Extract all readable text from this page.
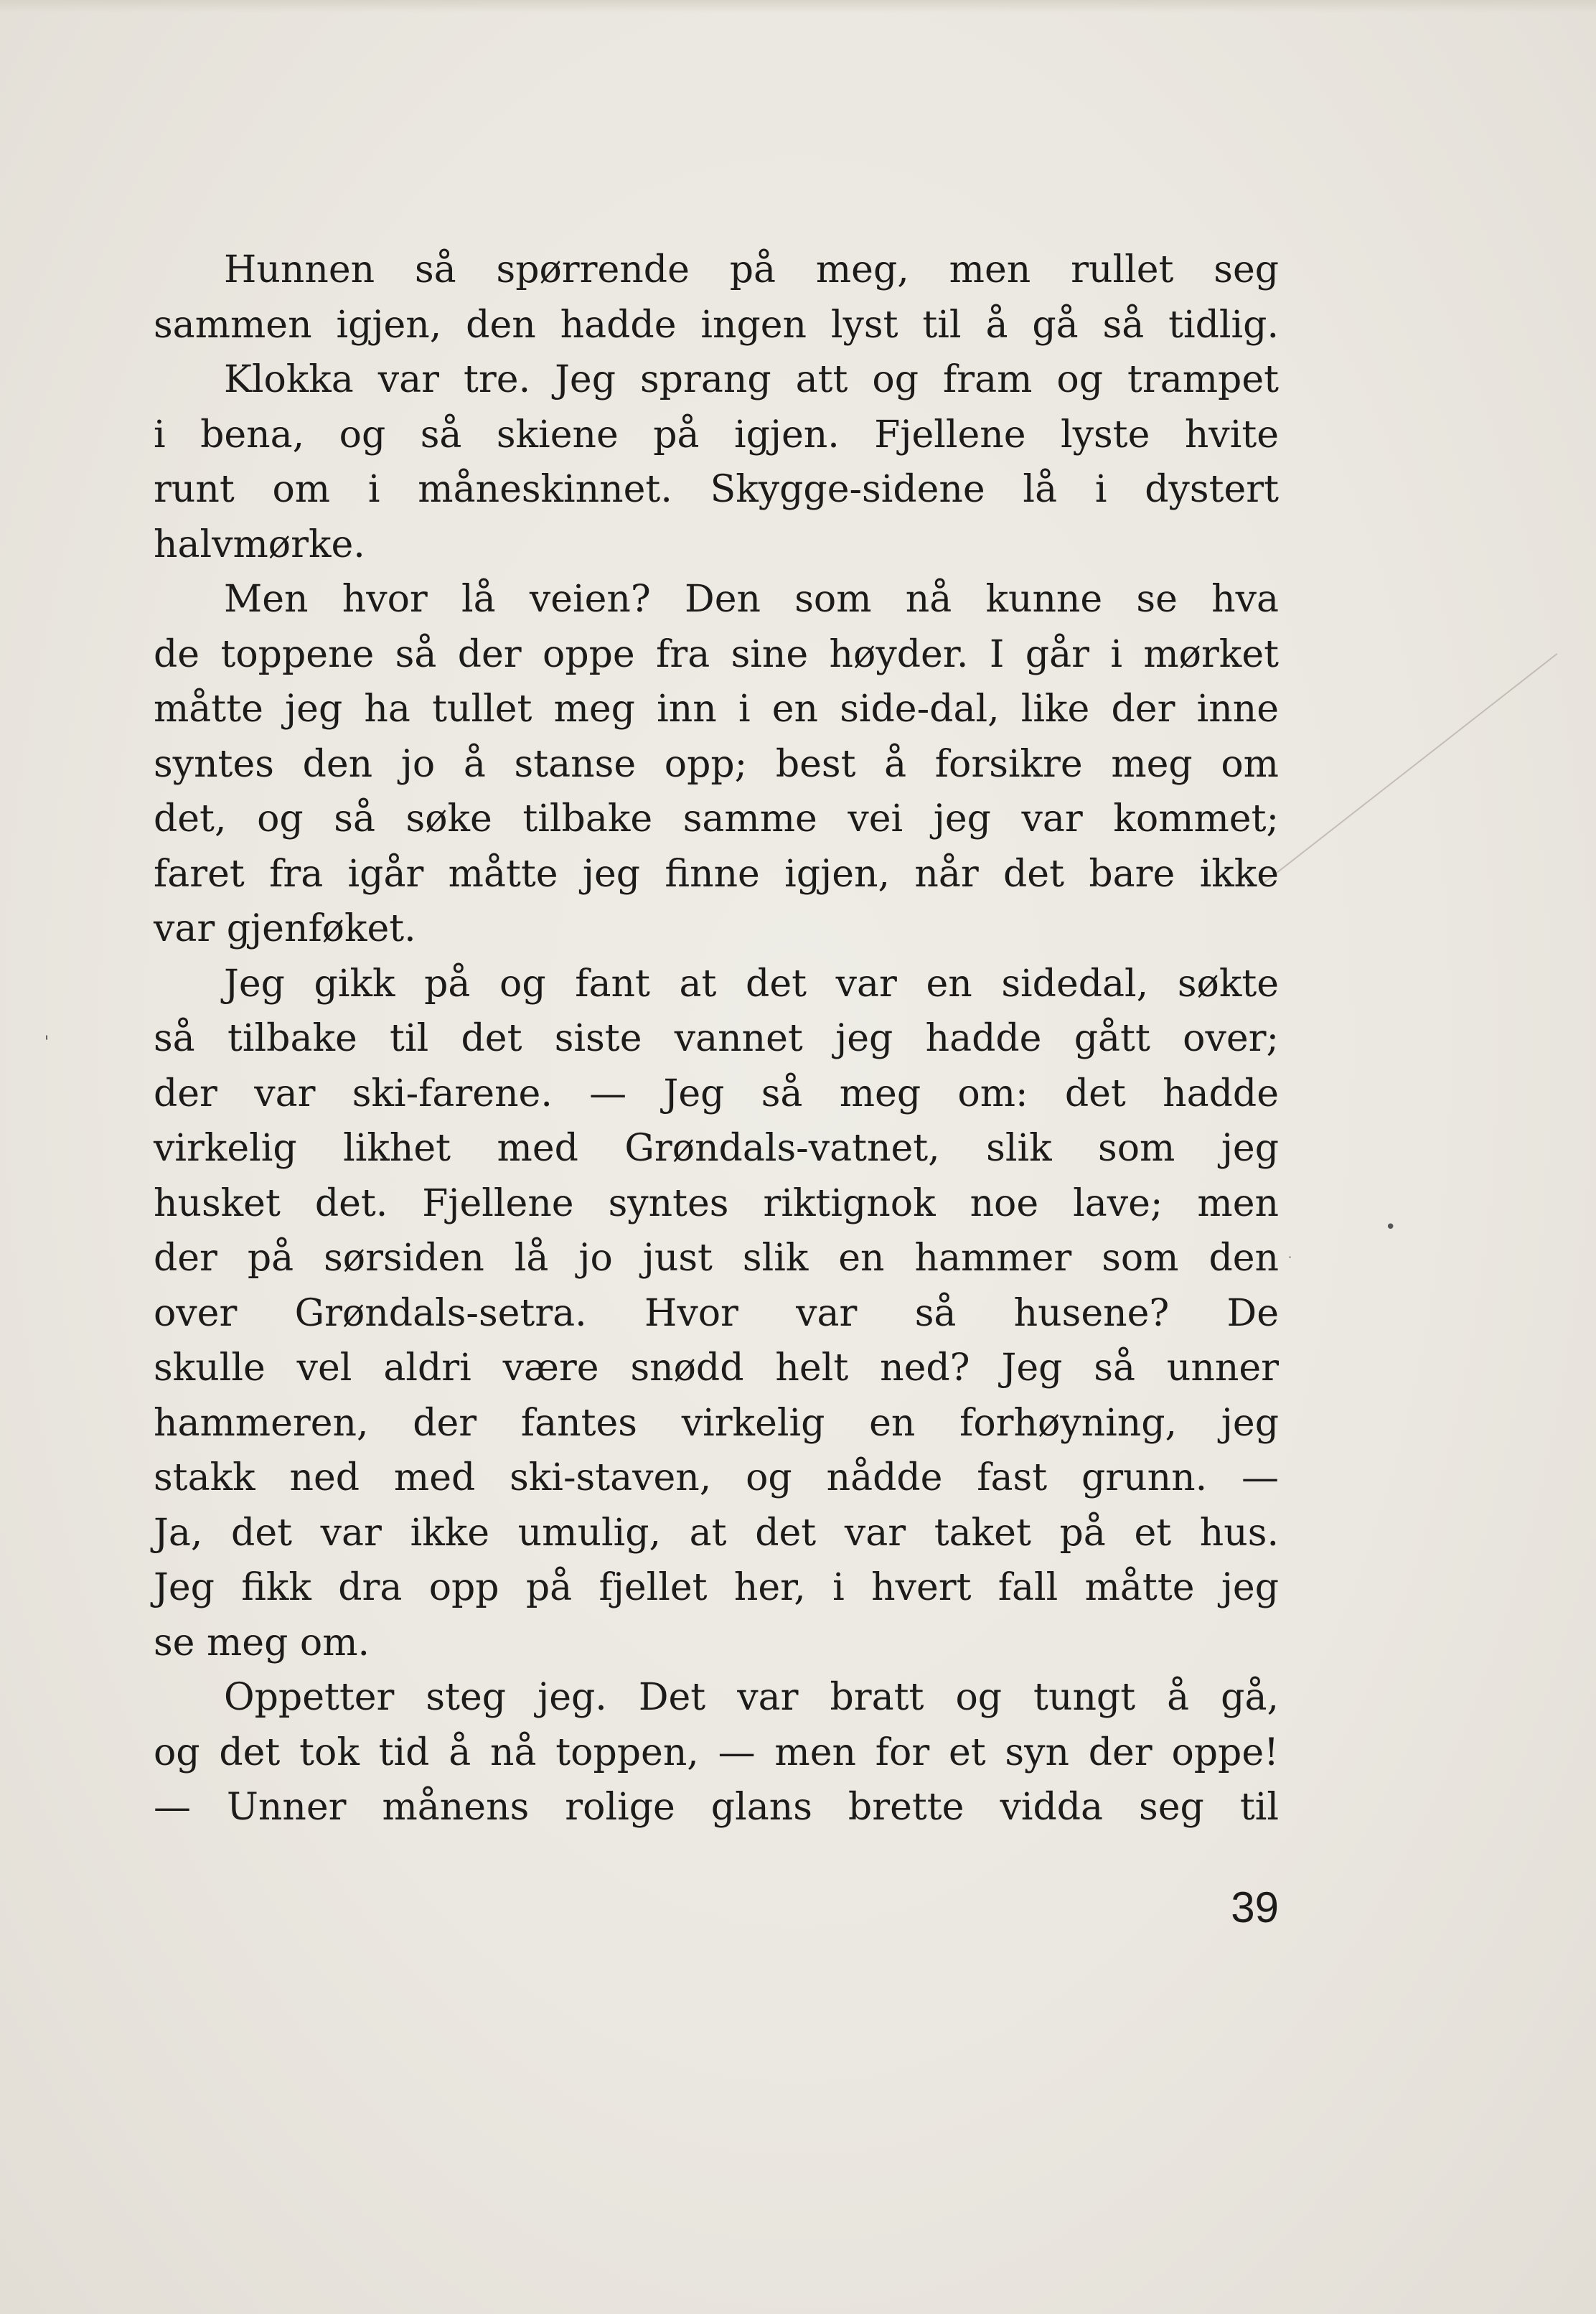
Hunnen så spørrende på meg, men rullet seg
sammen igjen, den hadde ingen lyst til å gå så tidlig.
Klokka var tre. Jeg sprang att og fram og trampet
i bena, og så skiene på igjen. Fjellene lyste hvite
runt om i måneskinnet. Skygge-sidene lå i dystert
halvmørke.
Men hvor lå veien? Den som nå kunne se hva
de toppene så der oppe fra sine høyder. I går i mørket
måtte jeg ha tullet meg inn i en side-dal, like der inne
syntes den jo å stanse opp; best å forsikre meg om
det, og så søke tilbake samme vei jeg var kommet;
faret fra igår måtte jeg finne igjen, når det bare ikke
var gjenføket.
Jeg gikk på og fant at det var en sidedal, søkte
så tilbake til det siste vannet jeg hadde gått over;
der var ski-farene. — Jeg så meg om: det hadde
virkelig likhet med Grøndals-vatnet, slik som jeg
husket det. Fjellene syntes riktignok noe lave; men
der på sørsiden lå jo just slik en hammer som den
over Grøndals-setra. Hvor var så husene? De
skulle vel aldri være snødd helt ned? Jeg så unner
hammeren, der fantes virkelig en forhøyning, jeg
stakk ned med ski-staven, og nådde fast grunn. —
Ja, det var ikke umulig, at det var taket på et hus.
Jeg fikk dra opp på fjellet her, i hvert fall måtte jeg
se meg om.
Oppetter steg jeg. Det var bratt og tungt å gå,
og det tok tid å nå toppen, — men for et syn der oppe!
— Unner månens rolige glans brette vidda seg til
39
'
•
·
